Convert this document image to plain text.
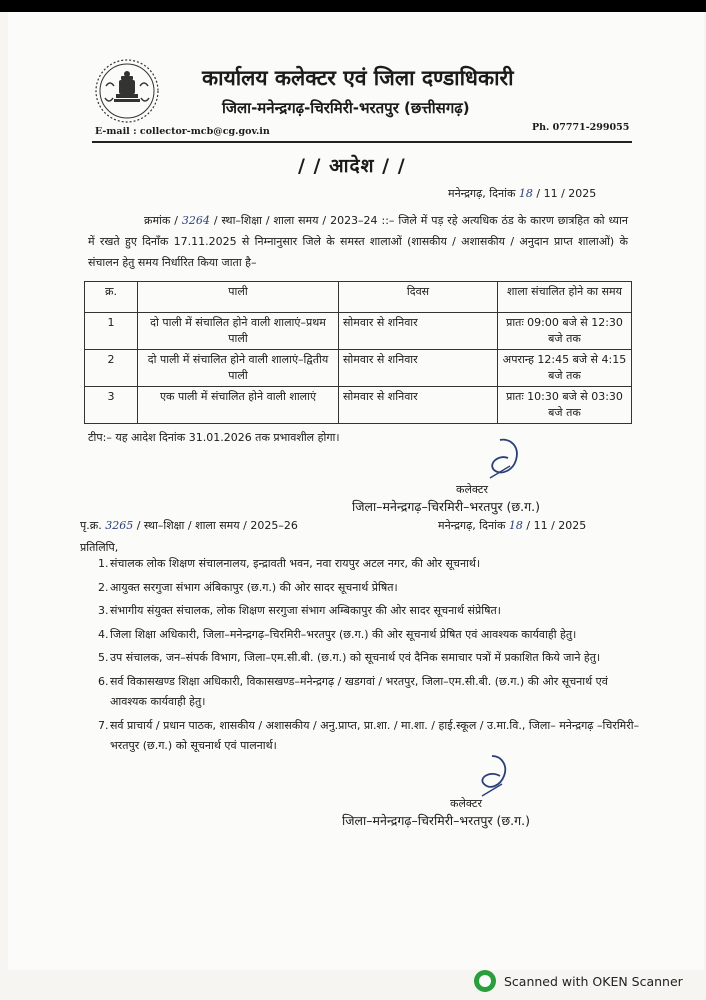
कार्यालय कलेक्टर एवं जिला दण्डाधिकारी
जिला-मनेन्द्रगढ़-चिरमिरी-भरतपुर (छत्तीसगढ़)
E-mail : collector-mcb@cg.gov.in	Ph. 07771-299055
/ / आदेश / /
मनेन्द्रगढ़, दिनांक 18 / 11 / 2025
क्रमांक / 3264 / स्था–शिक्षा / शाला समय / 2023–24 ::– जिले में पड़ रहे अत्यधिक ठंड के कारण छात्रहित को ध्यान में रखते हुए दिनाँक 17.11.2025 से निम्नानुसार जिले के समस्त शालाओं (शासकीय / अशासकीय / अनुदान प्राप्त शालाओं) के संचालन हेतु समय निर्धारित किया जाता है–
क्र.	पाली	दिवस	शाला संचालित होने का समय
1	दो पाली में संचालित होने वाली शालाएं–प्रथम पाली	सोमवार से शनिवार	प्रातः 09:00 बजे से 12:30 बजे तक
2	दो पाली में संचालित होने वाली शालाएं–द्वितीय पाली	सोमवार से शनिवार	अपरान्ह 12:45 बजे से 4:15 बजे तक
3	एक पाली में संचालित होने वाली शालाएं	सोमवार से शनिवार	प्रातः 10:30 बजे से 03:30 बजे तक
टीप:– यह आदेश दिनांक 31.01.2026 तक प्रभावशील होगा।
कलेक्टर
जिला–मनेन्द्रगढ़–चिरमिरी–भरतपुर (छ.ग.)
पृ.क्र. 3265 / स्था–शिक्षा / शाला समय / 2025–26	मनेन्द्रगढ़, दिनांक 18 / 11 / 2025
प्रतिलिपि,
1. संचालक लोक शिक्षण संचालनालय, इन्द्रावती भवन, नवा रायपुर अटल नगर, की ओर सूचनार्थ।
2. आयुक्त सरगुजा संभाग अंबिकापुर (छ.ग.) की ओर सादर सूचनार्थ प्रेषित।
3. संभागीय संयुक्त संचालक, लोक शिक्षण सरगुजा संभाग अम्बिकापुर की ओर सादर सूचनार्थ संप्रेषित।
4. जिला शिक्षा अधिकारी, जिला–मनेन्द्रगढ़–चिरमिरी–भरतपुर (छ.ग.) की ओर सूचनार्थ प्रेषित एवं आवश्यक कार्यवाही हेतु।
5. उप संचालक, जन–संपर्क विभाग, जिला–एम.सी.बी. (छ.ग.) को सूचनार्थ एवं दैनिक समाचार पत्रों में प्रकाशित किये जाने हेतु।
6. सर्व विकासखण्ड शिक्षा अधिकारी, विकासखण्ड–मनेन्द्रगढ़ / खडगवां / भरतपुर, जिला–एम.सी.बी. (छ.ग.) की ओर सूचनार्थ एवं आवश्यक कार्यवाही हेतु।
7. सर्व प्राचार्य / प्रधान पाठक, शासकीय / अशासकीय / अनु.प्राप्त, प्रा.शा. / मा.शा. / हाई.स्कूल / उ.मा.वि., जिला– मनेन्द्रगढ़ –चिरमिरी–भरतपुर (छ.ग.) को सूचनार्थ एवं पालनार्थ।
कलेक्टर
जिला–मनेन्द्रगढ़–चिरमिरी–भरतपुर (छ.ग.)
Scanned with OKEN Scanner
